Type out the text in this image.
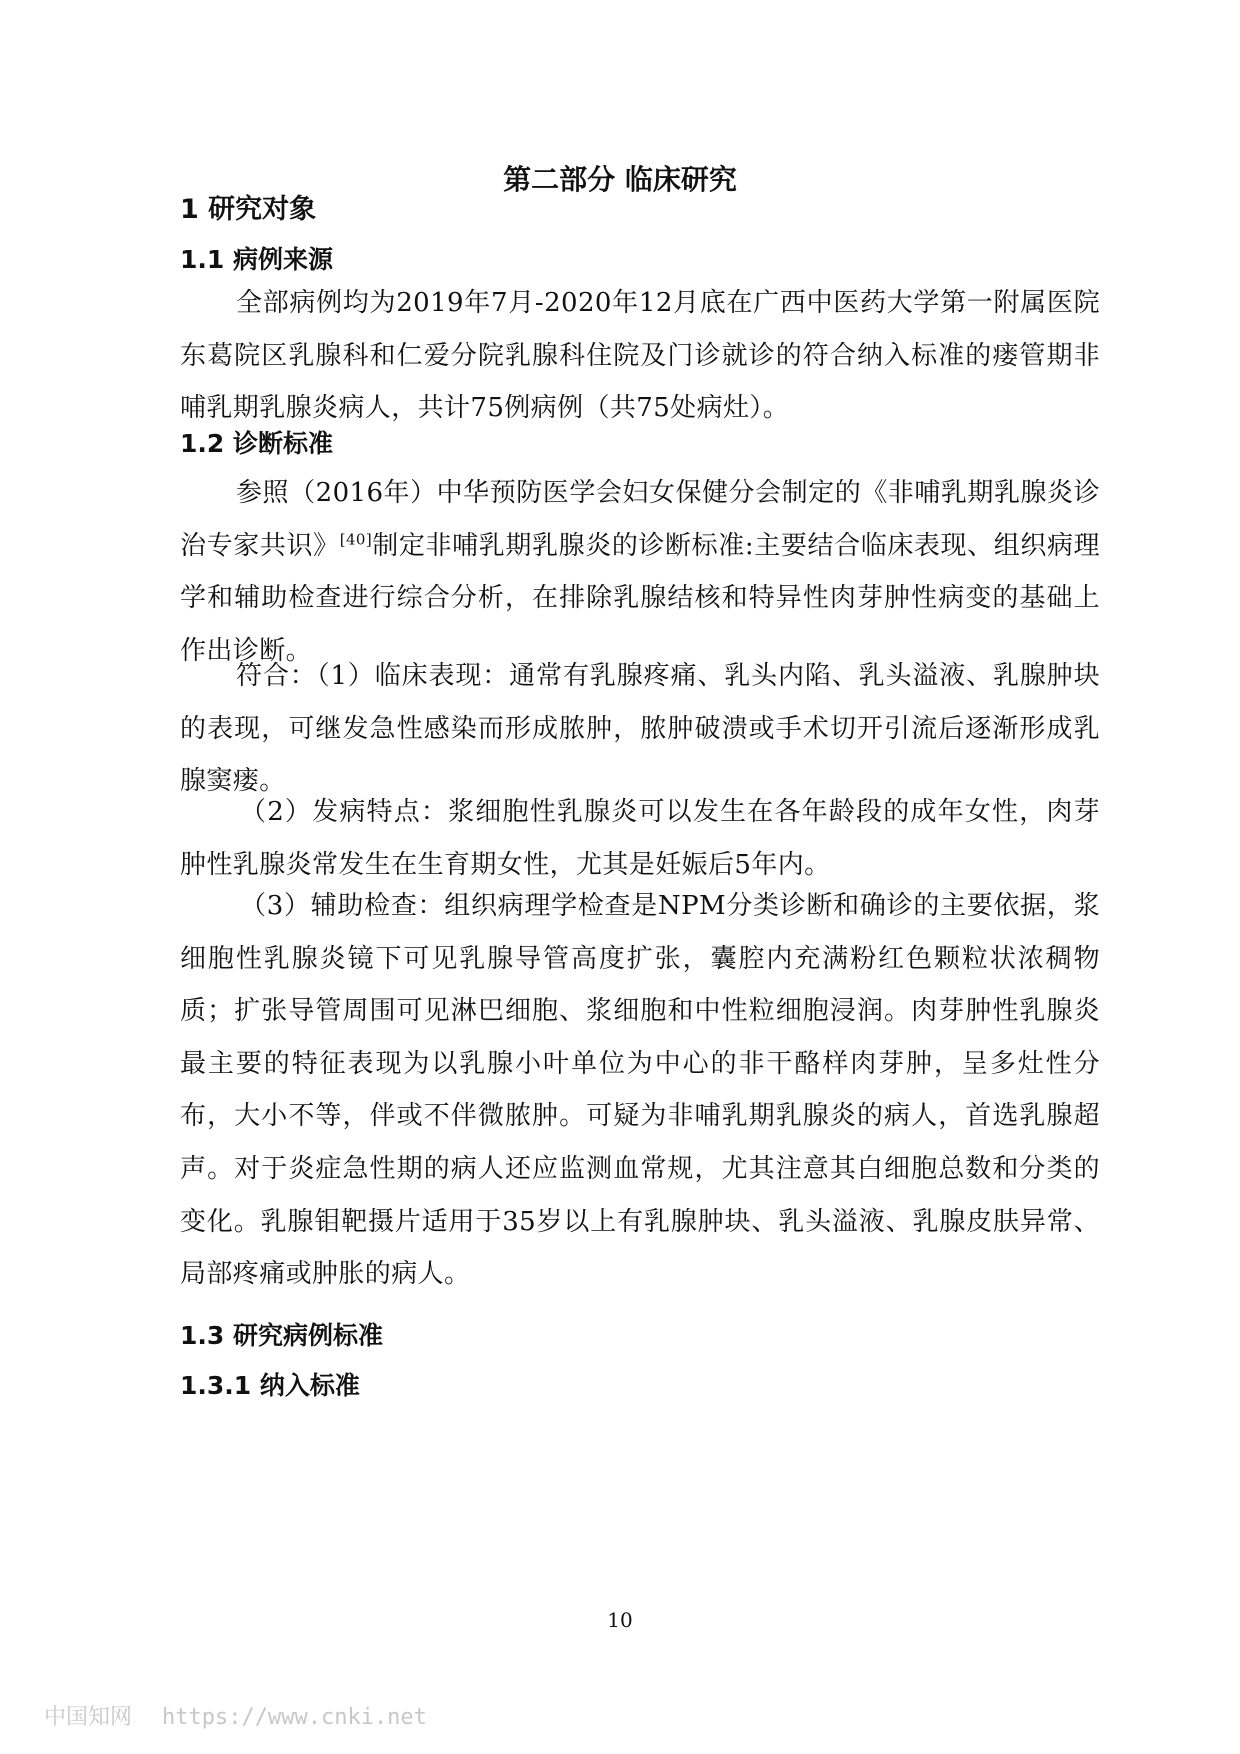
第二部分 临床研究
1 研究对象
1.1 病例来源

全部病例均为2019年7月-2020年12月底在广西中医药大学第一附属医院东葛院区乳腺科和仁爱分院乳腺科住院及门诊就诊的符合纳入标准的瘘管期非哺乳期乳腺炎病人，共计75例病例（共75处病灶）。

1.2 诊断标准

参照（2016年）中华预防医学会妇女保健分会制定的《非哺乳期乳腺炎诊治专家共识》[40]制定非哺乳期乳腺炎的诊断标准:主要结合临床表现、组织病理学和辅助检查进行综合分析，在排除乳腺结核和特异性肉芽肿性病变的基础上作出诊断。

符合：（1）临床表现：通常有乳腺疼痛、乳头内陷、乳头溢液、乳腺肿块的表现，可继发急性感染而形成脓肿，脓肿破溃或手术切开引流后逐渐形成乳腺窦瘘。

（2）发病特点：浆细胞性乳腺炎可以发生在各年龄段的成年女性，肉芽肿性乳腺炎常发生在生育期女性，尤其是妊娠后5年内。

（3）辅助检查：组织病理学检查是NPM分类诊断和确诊的主要依据，浆细胞性乳腺炎镜下可见乳腺导管高度扩张，囊腔内充满粉红色颗粒状浓稠物质；扩张导管周围可见淋巴细胞、浆细胞和中性粒细胞浸润。肉芽肿性乳腺炎最主要的特征表现为以乳腺小叶单位为中心的非干酪样肉芽肿，呈多灶性分布，大小不等，伴或不伴微脓肿。可疑为非哺乳期乳腺炎的病人，首选乳腺超声。对于炎症急性期的病人还应监测血常规，尤其注意其白细胞总数和分类的变化。乳腺钼靶摄片适用于35岁以上有乳腺肿块、乳头溢液、乳腺皮肤异常、局部疼痛或肿胀的病人。

1.3 研究病例标准
1.3.1 纳入标准

10

中国知网 https://www.cnki.net
